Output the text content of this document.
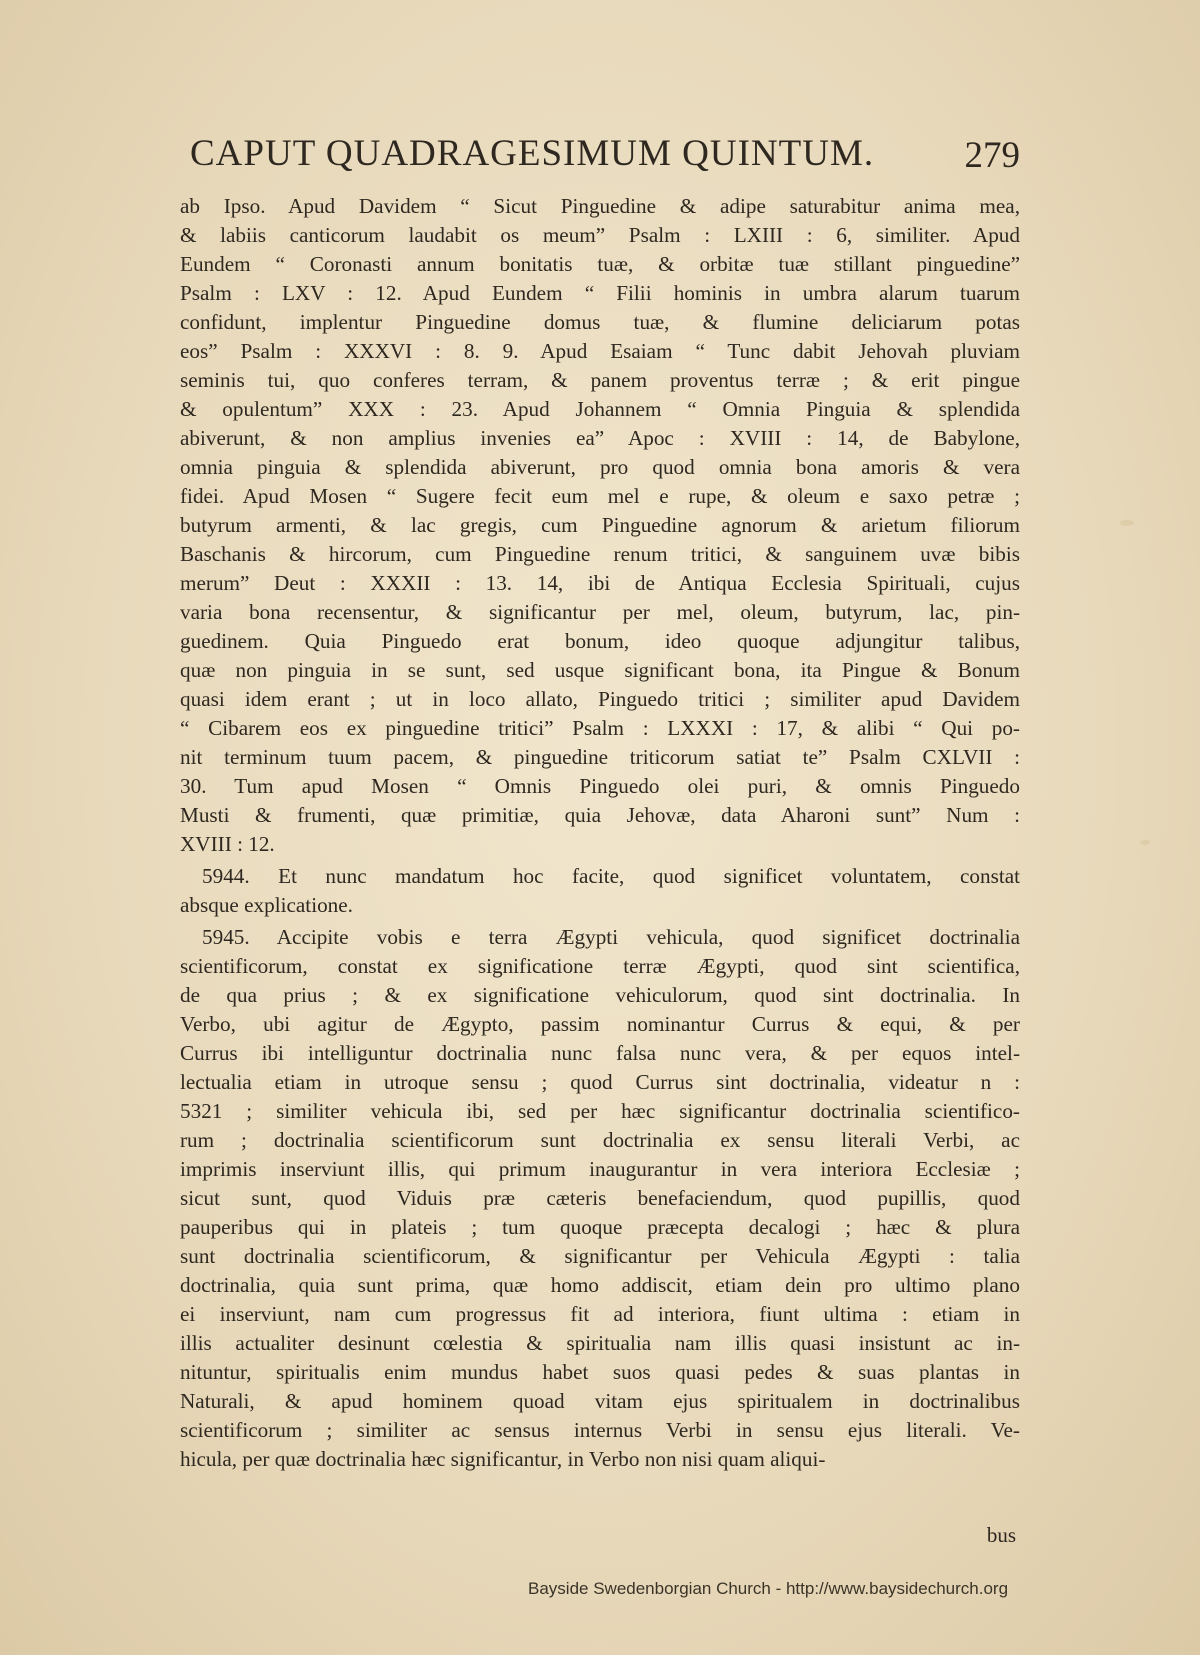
CAPUT QUADRAGESIMUM QUINTUM. 279

ab Ipso. Apud Davidem “ Sicut Pinguedine & adipe saturabitur anima mea,

& labiis canticorum laudabit os meum” Psalm : LXIII : 6, similiter. Apud

Eundem “ Coronasti annum bonitatis tuæ, & orbitæ tuæ stillant pinguedine”

Psalm : LXV : 12. Apud Eundem “ Filii hominis in umbra alarum tuarum

confidunt, implentur Pinguedine domus tuæ, & flumine deliciarum potas

eos” Psalm : XXXVI : 8. 9. Apud Esaiam “ Tunc dabit Jehovah pluviam

seminis tui, quo conferes terram, & panem proventus terræ ; & erit pingue

& opulentum” XXX : 23. Apud Johannem “ Omnia Pinguia & splendida

abiverunt, & non amplius invenies ea” Apoc : XVIII : 14, de Babylone,

omnia pinguia & splendida abiverunt, pro quod omnia bona amoris & vera

fidei. Apud Mosen “ Sugere fecit eum mel e rupe, & oleum e saxo petræ ;

butyrum armenti, & lac gregis, cum Pinguedine agnorum & arietum filiorum

Baschanis & hircorum, cum Pinguedine renum tritici, & sanguinem uvæ bibis

merum” Deut : XXXII : 13. 14, ibi de Antiqua Ecclesia Spirituali, cujus

varia bona recensentur, & significantur per mel, oleum, butyrum, lac, pin-

guedinem. Quia Pinguedo erat bonum, ideo quoque adjungitur talibus,

quæ non pinguia in se sunt, sed usque significant bona, ita Pingue & Bonum

quasi idem erant ; ut in loco allato, Pinguedo tritici ; similiter apud Davidem

“ Cibarem eos ex pinguedine tritici” Psalm : LXXXI : 17, & alibi “ Qui po-

nit terminum tuum pacem, & pinguedine triticorum satiat te” Psalm CXLVII :

30. Tum apud Mosen “ Omnis Pinguedo olei puri, & omnis Pinguedo

Musti & frumenti, quæ primitiæ, quia Jehovæ, data Aharoni sunt” Num :

XVIII : 12.

5944. Et nunc mandatum hoc facite, quod significet voluntatem, constat

absque explicatione.

5945. Accipite vobis e terra Ægypti vehicula, quod significet doctrinalia

scientificorum, constat ex significatione terræ Ægypti, quod sint scientifica,

de qua prius ; & ex significatione vehiculorum, quod sint doctrinalia. In

Verbo, ubi agitur de Ægypto, passim nominantur Currus & equi, & per

Currus ibi intelliguntur doctrinalia nunc falsa nunc vera, & per equos intel-

lectualia etiam in utroque sensu ; quod Currus sint doctrinalia, videatur n :

5321 ; similiter vehicula ibi, sed per hæc significantur doctrinalia scientifico-

rum ; doctrinalia scientificorum sunt doctrinalia ex sensu literali Verbi, ac

imprimis inserviunt illis, qui primum inaugurantur in vera interiora Ecclesiæ ;

sicut sunt, quod Viduis præ cæteris benefaciendum, quod pupillis, quod

pauperibus qui in plateis ; tum quoque præcepta decalogi ; hæc & plura

sunt doctrinalia scientificorum, & significantur per Vehicula Ægypti : talia

doctrinalia, quia sunt prima, quæ homo addiscit, etiam dein pro ultimo plano

ei inserviunt, nam cum progressus fit ad interiora, fiunt ultima : etiam in

illis actualiter desinunt cœlestia & spiritualia nam illis quasi insistunt ac in-

nituntur, spiritualis enim mundus habet suos quasi pedes & suas plantas in

Naturali, & apud hominem quoad vitam ejus spiritualem in doctrinalibus

scientificorum ; similiter ac sensus internus Verbi in sensu ejus literali. Ve-

hicula, per quæ doctrinalia hæc significantur, in Verbo non nisi quam aliqui-

bus
Bayside Swedenborgian Church - http://www.baysidechurch.org
